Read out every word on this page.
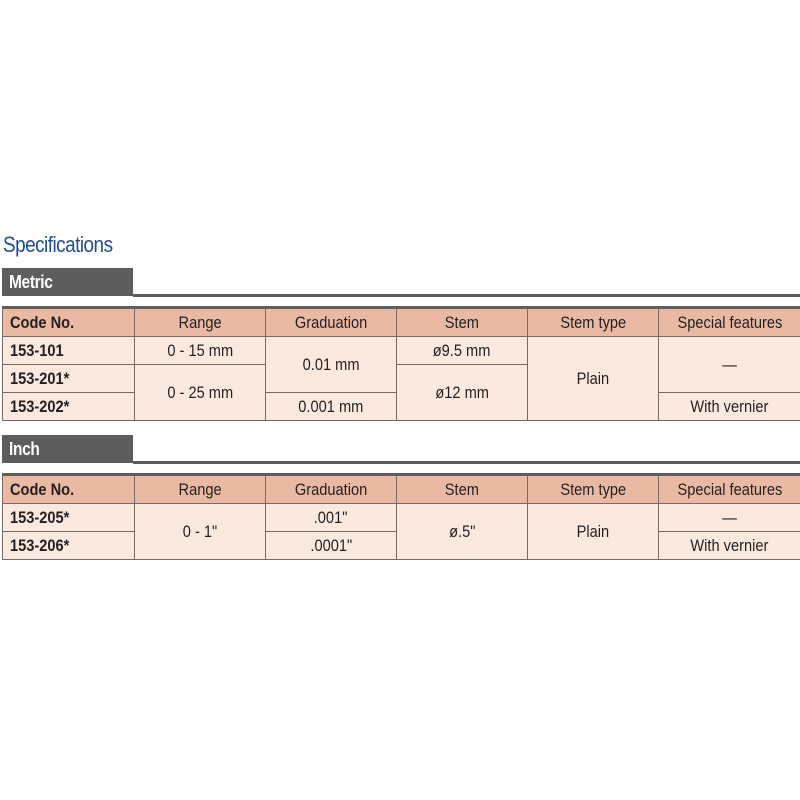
Specifications
Metric
Code No.	Range	Graduation	Stem	Stem type	Special features
153-101	0 - 15 mm	0.01 mm	ø9.5 mm	Plain	—
153-201*	0 - 25 mm		ø12 mm		
153-202*		0.001 mm			With vernier
Inch
Code No.	Range	Graduation	Stem	Stem type	Special features
153-205*	0 - 1"	.001"	ø.5"	Plain	—
153-206*		.0001"			With vernier
